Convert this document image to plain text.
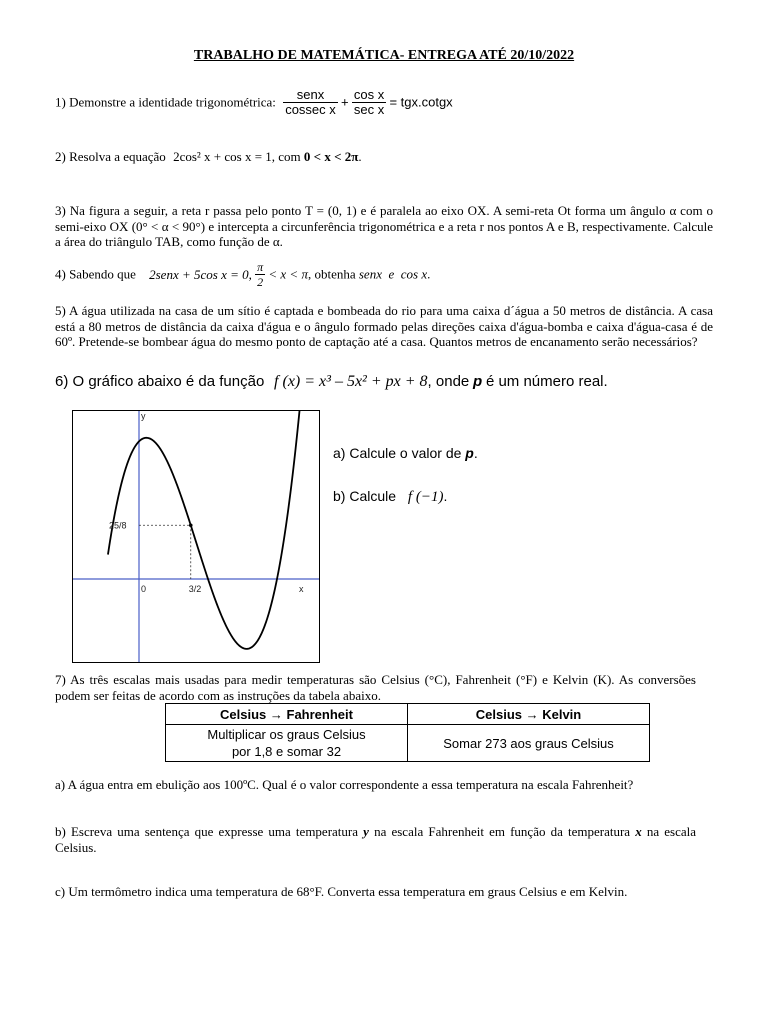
TRABALHO DE MATEMÁTICA- ENTREGA ATÉ 20/10/2022
1) Demonstre a identidade trigonométrica: $\frac{\text{senx}}{\text{cossec x}} + \frac{\text{cos x}}{\text{sec x}}$ = tgx.cotgx
2) Resolva a equação 2cos² x + cos x = 1, com 0 < x < 2π.
3) Na figura a seguir, a reta r passa pelo ponto T = (0, 1) e é paralela ao eixo OX. A semi-reta Ot forma um ângulo α com o semi-eixo OX (0° < α < 90°) e intercepta a circunferência trigonométrica e a reta r nos pontos A e B, respectivamente. Calcule a área do triângulo TAB, como função de α.
4) Sabendo que 2senx + 5cos x = 0, $\frac{\pi}{2} < x < \pi$, obtenha senx  e  cos x.
5) A água utilizada na casa de um sítio é captada e bombeada do rio para uma caixa d´água a 50 metros de distância. A casa está a 80 metros de distância da caixa d'água e o ângulo formado pelas direções caixa d'água-bomba e caixa d'água-casa é de 60º. Pretende-se bombear água do mesmo ponto de captação até a casa. Quantos metros de encanamento serão necessários?
6) O gráfico abaixo é da função f (x) = x³ – 5x² + px + 8, onde p é um número real.
y
x
0	3/2
25/8
a) Calcule o valor de p.
b) Calcule f (−1).
7) As três escalas mais usadas para medir temperaturas são Celsius (°C), Fahrenheit (°F) e Kelvin (K). As conversões podem ser feitas de acordo com as instruções da tabela abaixo.
Celsius → Fahrenheit	Celsius → Kelvin
Multiplicar os graus Celsius
por 1,8 e somar 32	Somar 273 aos graus Celsius
a) A água entra em ebulição aos 100ºC. Qual é o valor correspondente a essa temperatura na escala Fahrenheit?
b) Escreva uma sentença que expresse uma temperatura y na escala Fahrenheit em função da temperatura x na escala Celsius.
c) Um termômetro indica uma temperatura de 68°F. Converta essa temperatura em graus Celsius e em Kelvin.
